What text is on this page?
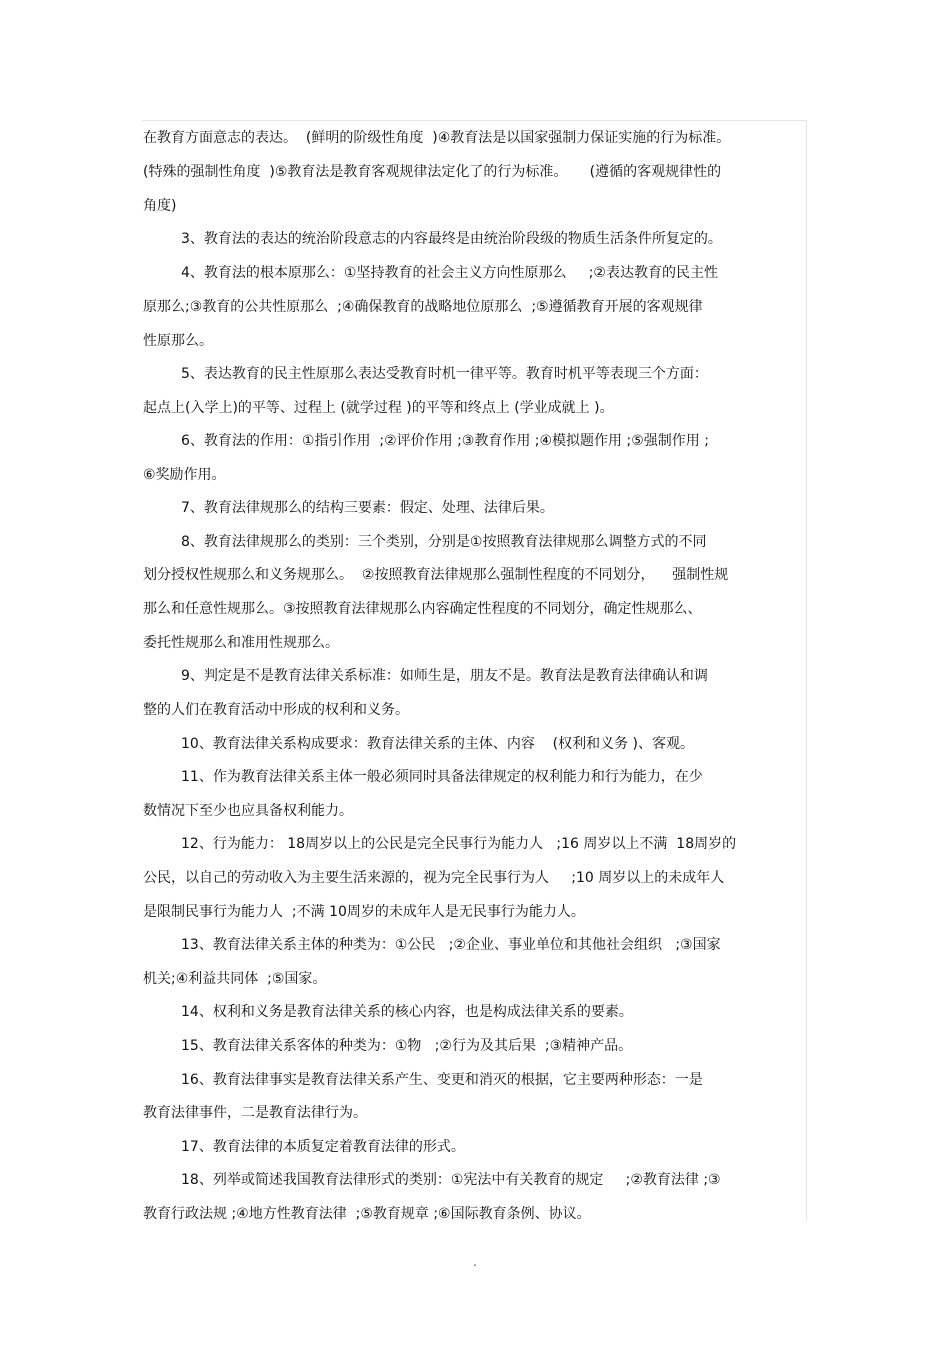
在教育方面意志的表达。  (鲜明的阶级性角度  )④教育法是以国家强制力保证实施的行为标准。
(特殊的强制性角度  )⑤教育法是教育客观规律法定化了的行为标准。     (遵循的客观规律性的
角度)
3、教育法的表达的统治阶段意志的内容最终是由统治阶段级的物质生活条件所复定的。
4、教育法的根本原那么：①坚持教育的社会主义方向性原那么     ;②表达教育的民主性
原那么;③教育的公共性原那么  ;④确保教育的战略地位原那么  ;⑤遵循教育开展的客观规律
性原那么。
5、表达教育的民主性原那么表达受教育时机一律平等。教育时机平等表现三个方面：
起点上(入学上)的平等、过程上 (就学过程 )的平等和终点上 (学业成就上 )。
6、教育法的作用：①指引作用  ;②评价作用 ;③教育作用 ;④模拟题作用 ;⑤强制作用 ;
⑥奖励作用。
7、教育法律规那么的结构三要素：假定、处理、法律后果。
8、教育法律规那么的类别：三个类别，分别是①按照教育法律规那么调整方式的不同
划分授权性规那么和义务规那么。  ②按照教育法律规那么强制性程度的不同划分，    强制性规
那么和任意性规那么。③按照教育法律规那么内容确定性程度的不同划分，确定性规那么、
委托性规那么和准用性规那么。
9、判定是不是教育法律关系标准：如师生是，朋友不是。教育法是教育法律确认和调
整的人们在教育活动中形成的权利和义务。
10、教育法律关系构成要求：教育法律关系的主体、内容    (权利和义务 )、客观。
11、作为教育法律关系主体一般必须同时具备法律规定的权利能力和行为能力，在少
数情况下至少也应具备权利能力。
12、行为能力： 18周岁以上的公民是完全民事行为能力人   ;16 周岁以上不满  18周岁的
公民，以自己的劳动收入为主要生活来源的，视为完全民事行为人     ;10 周岁以上的未成年人
是限制民事行为能力人  ;不满 10周岁的未成年人是无民事行为能力人。
13、教育法律关系主体的种类为：①公民   ;②企业、事业单位和其他社会组织   ;③国家
机关;④利益共同体  ;⑤国家。
14、权利和义务是教育法律关系的核心内容，也是构成法律关系的要素。
15、教育法律关系客体的种类为：①物   ;②行为及其后果  ;③精神产品。
16、教育法律事实是教育法律关系产生、变更和消灭的根据，它主要两种形态：一是
教育法律事件，二是教育法律行为。
17、教育法律的本质复定着教育法律的形式。
18、列举或简述我国教育法律形式的类别：①宪法中有关教育的规定     ;②教育法律 ;③
教育行政法规 ;④地方性教育法律  ;⑤教育规章 ;⑥国际教育条例、协议。
.
